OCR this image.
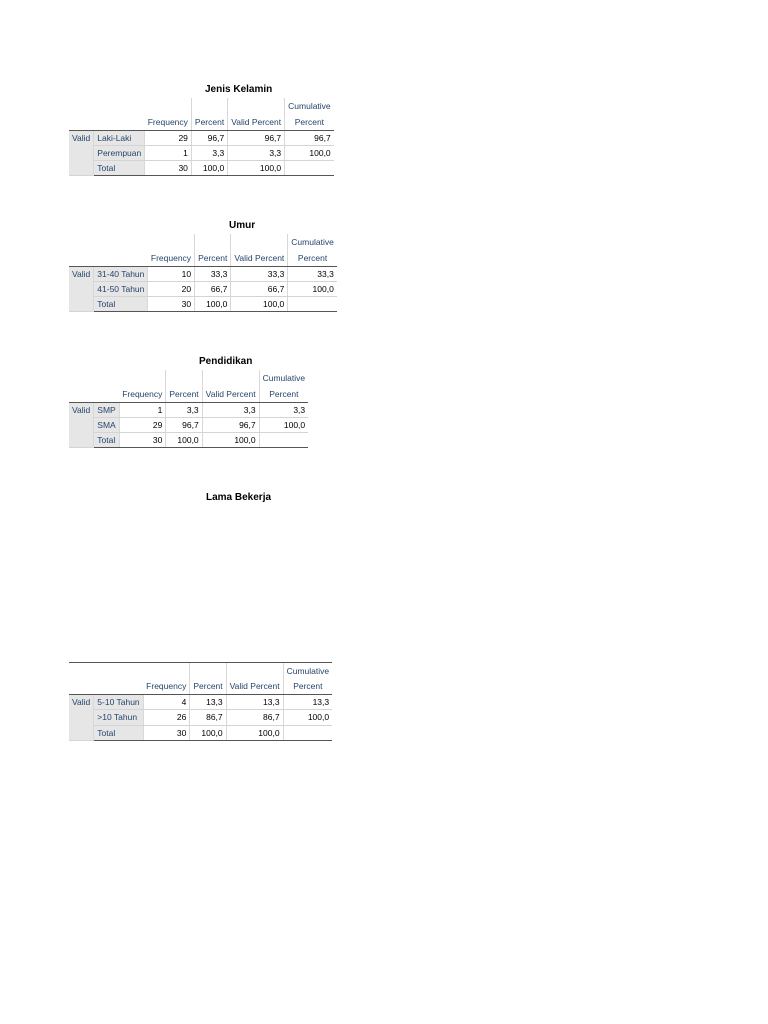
Jenis Kelamin
					Cumulative
		Frequency	Percent	Valid Percent	Percent
Valid	Laki-Laki	29	96,7	96,7	96,7
	Perempuan	1	3,3	3,3	100,0
	Total	30	100,0	100,0	
Umur
					Cumulative
		Frequency	Percent	Valid Percent	Percent
Valid	31-40 Tahun	10	33,3	33,3	33,3
	41-50 Tahun	20	66,7	66,7	100,0
	Total	30	100,0	100,0	
Pendidikan
					Cumulative
		Frequency	Percent	Valid Percent	Percent
Valid	SMP	1	3,3	3,3	3,3
	SMA	29	96,7	96,7	100,0
	Total	30	100,0	100,0	
Lama Bekerja
					Cumulative
		Frequency	Percent	Valid Percent	Percent
Valid	5-10 Tahun	4	13,3	13,3	13,3
	>10 Tahun	26	86,7	86,7	100,0
	Total	30	100,0	100,0	
